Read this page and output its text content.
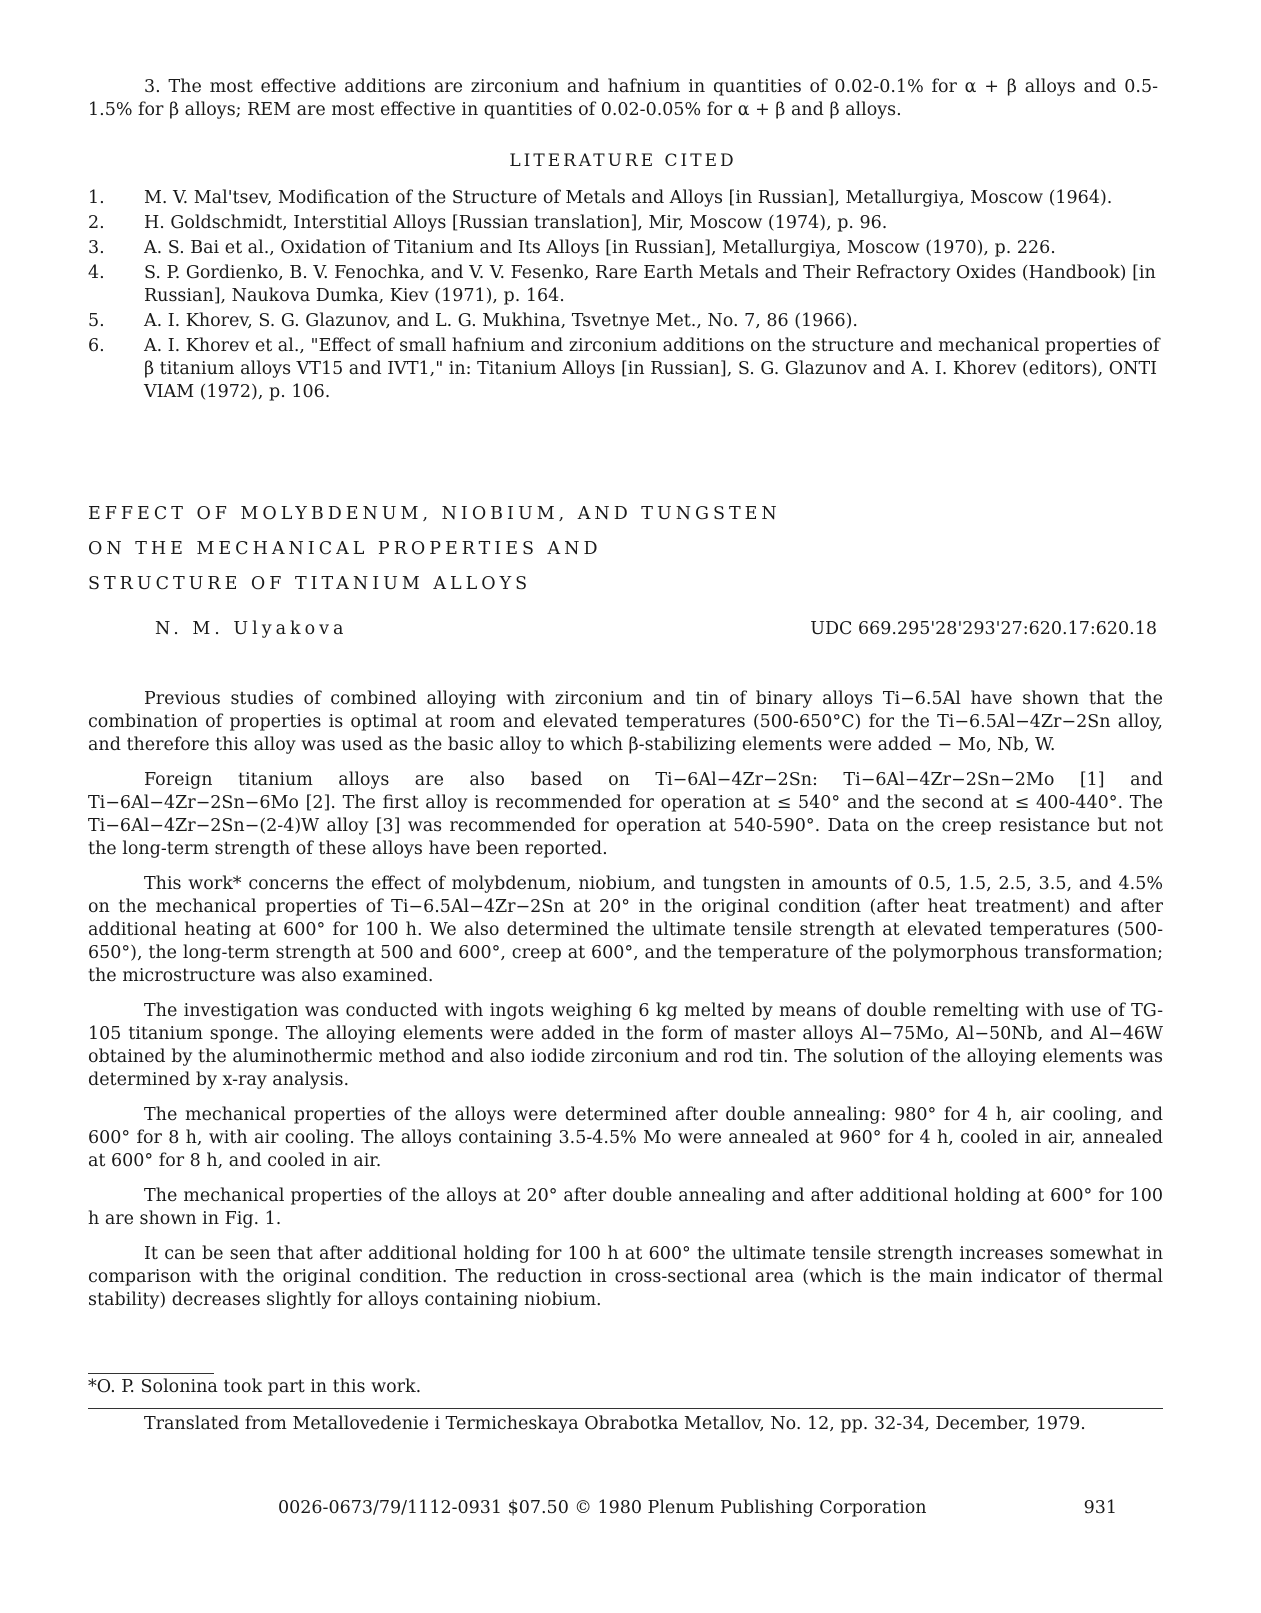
3. The most effective additions are zirconium and hafnium in quantities of 0.02-0.1% for α + β alloys and 0.5-1.5% for β alloys; REM are most effective in quantities of 0.02-0.05% for α + β and β alloys.

LITERATURE CITED
1. M. V. Mal'tsev, Modification of the Structure of Metals and Alloys [in Russian], Metallurgiya, Moscow (1964).
2. H. Goldschmidt, Interstitial Alloys [Russian translation], Mir, Moscow (1974), p. 96.
3. A. S. Bai et al., Oxidation of Titanium and Its Alloys [in Russian], Metallurgiya, Moscow (1970), p. 226.
4. S. P. Gordienko, B. V. Fenochka, and V. V. Fesenko, Rare Earth Metals and Their Refractory Oxides (Handbook) [in Russian], Naukova Dumka, Kiev (1971), p. 164.
5. A. I. Khorev, S. G. Glazunov, and L. G. Mukhina, Tsvetnye Met., No. 7, 86 (1966).
6. A. I. Khorev et al., "Effect of small hafnium and zirconium additions on the structure and mechanical properties of β titanium alloys VT15 and IVT1," in: Titanium Alloys [in Russian], S. G. Glazunov and A. I. Khorev (editors), ONTI VIAM (1972), p. 106.
EFFECT OF MOLYBDENUM, NIOBIUM, AND TUNGSTEN
ON THE MECHANICAL PROPERTIES AND
STRUCTURE OF TITANIUM ALLOYS
N. M. Ulyakova	UDC 669.295'28'293'27:620.17:620.18

Previous studies of combined alloying with zirconium and tin of binary alloys Ti−6.5Al have shown that the combination of properties is optimal at room and elevated temperatures (500-650°C) for the Ti−6.5Al−4Zr−2Sn alloy, and therefore this alloy was used as the basic alloy to which β-stabilizing elements were added − Mo, Nb, W.

Foreign titanium alloys are also based on Ti−6Al−4Zr−2Sn: Ti−6Al−4Zr−2Sn−2Mo [1] and Ti−6Al−4Zr−2Sn−6Mo [2]. The first alloy is recommended for operation at ≤ 540° and the second at ≤ 400-440°. The Ti−6Al−4Zr−2Sn−(2-4)W alloy [3] was recommended for operation at 540-590°. Data on the creep resistance but not the long-term strength of these alloys have been reported.

This work* concerns the effect of molybdenum, niobium, and tungsten in amounts of 0.5, 1.5, 2.5, 3.5, and 4.5% on the mechanical properties of Ti−6.5Al−4Zr−2Sn at 20° in the original condition (after heat treatment) and after additional heating at 600° for 100 h. We also determined the ultimate tensile strength at elevated temperatures (500-650°), the long-term strength at 500 and 600°, creep at 600°, and the temperature of the polymorphous transformation; the microstructure was also examined.

The investigation was conducted with ingots weighing 6 kg melted by means of double remelting with use of TG-105 titanium sponge. The alloying elements were added in the form of master alloys Al−75Mo, Al−50Nb, and Al−46W obtained by the aluminothermic method and also iodide zirconium and rod tin. The solution of the alloying elements was determined by x-ray analysis.

The mechanical properties of the alloys were determined after double annealing: 980° for 4 h, air cooling, and 600° for 8 h, with air cooling. The alloys containing 3.5-4.5% Mo were annealed at 960° for 4 h, cooled in air, annealed at 600° for 8 h, and cooled in air.

The mechanical properties of the alloys at 20° after double annealing and after additional holding at 600° for 100 h are shown in Fig. 1.

It can be seen that after additional holding for 100 h at 600° the ultimate tensile strength increases somewhat in comparison with the original condition. The reduction in cross-sectional area (which is the main indicator of thermal stability) decreases slightly for alloys containing niobium.

*O. P. Solonina took part in this work.

Translated from Metallovedenie i Termicheskaya Obrabotka Metallov, No. 12, pp. 32-34, December, 1979.

0026-0673/79/1112-0931 $07.50 © 1980 Plenum Publishing Corporation	931
